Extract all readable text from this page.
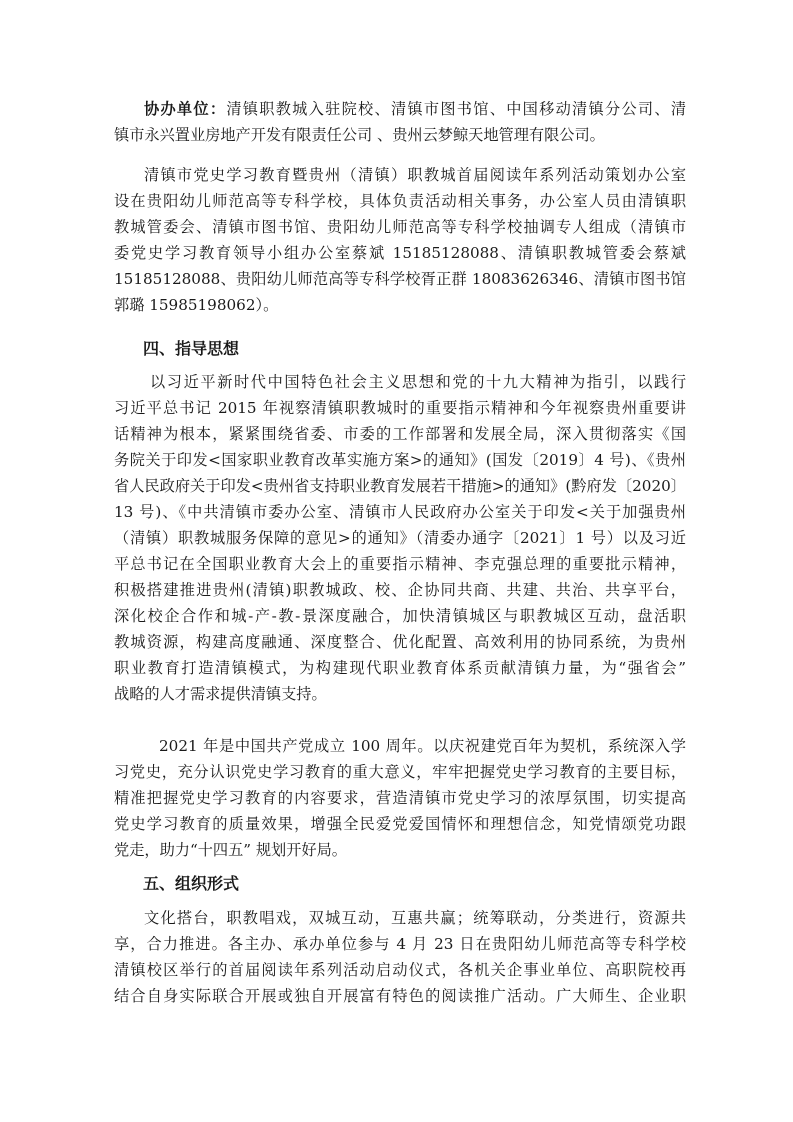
协办单位：清镇职教城入驻院校、清镇市图书馆、中国移动清镇分公司、清
镇市永兴置业房地产开发有限责任公司 、贵州云梦鲸天地管理有限公司。
清镇市党史学习教育暨贵州（清镇）职教城首届阅读年系列活动策划办公室
设在贵阳幼儿师范高等专科学校，具体负责活动相关事务，办公室人员由清镇职
教城管委会、清镇市图书馆、贵阳幼儿师范高等专科学校抽调专人组成（清镇市
委党史学习教育领导小组办公室蔡斌 15185128088、清镇职教城管委会蔡斌
15185128088、贵阳幼儿师范高等专科学校胥正群 18083626346、清镇市图书馆
郭璐 15985198062）。
四、指导思想
以习近平新时代中国特色社会主义思想和党的十九大精神为指引，以践行
习近平总书记 2015 年视察清镇职教城时的重要指示精神和今年视察贵州重要讲
话精神为根本，紧紧围绕省委、市委的工作部署和发展全局，深入贯彻落实《国
务院关于印发<国家职业教育改革实施方案>的通知》(国发〔2019〕4 号)、《贵州
省人民政府关于印发<贵州省支持职业教育发展若干措施>的通知》(黔府发〔2020〕
13 号)、《中共清镇市委办公室、清镇市人民政府办公室关于印发<关于加强贵州
（清镇）职教城服务保障的意见>的通知》（清委办通字〔2021〕1 号）以及习近
平总书记在全国职业教育大会上的重要指示精神、李克强总理的重要批示精神，
积极搭建推进贵州(清镇)职教城政、校、企协同共商、共建、共治、共享平台，
深化校企合作和城-产-教-景深度融合，加快清镇城区与职教城区互动，盘活职
教城资源，构建高度融通、深度整合、优化配置、高效利用的协同系统，为贵州
职业教育打造清镇模式，为构建现代职业教育体系贡献清镇力量，为“强省会”
战略的人才需求提供清镇支持。
2021 年是中国共产党成立 100 周年。以庆祝建党百年为契机，系统深入学
习党史，充分认识党史学习教育的重大意义，牢牢把握党史学习教育的主要目标，
精准把握党史学习教育的内容要求，营造清镇市党史学习的浓厚氛围，切实提高
党史学习教育的质量效果，增强全民爱党爱国情怀和理想信念，知党情颂党功跟
党走，助力“十四五” 规划开好局。
五、组织形式
文化搭台，职教唱戏，双城互动，互惠共赢；统筹联动，分类进行，资源共
享，合力推进。各主办、承办单位参与 4 月 23 日在贵阳幼儿师范高等专科学校
清镇校区举行的首届阅读年系列活动启动仪式，各机关企事业单位、高职院校再
结合自身实际联合开展或独自开展富有特色的阅读推广活动。广大师生、企业职
